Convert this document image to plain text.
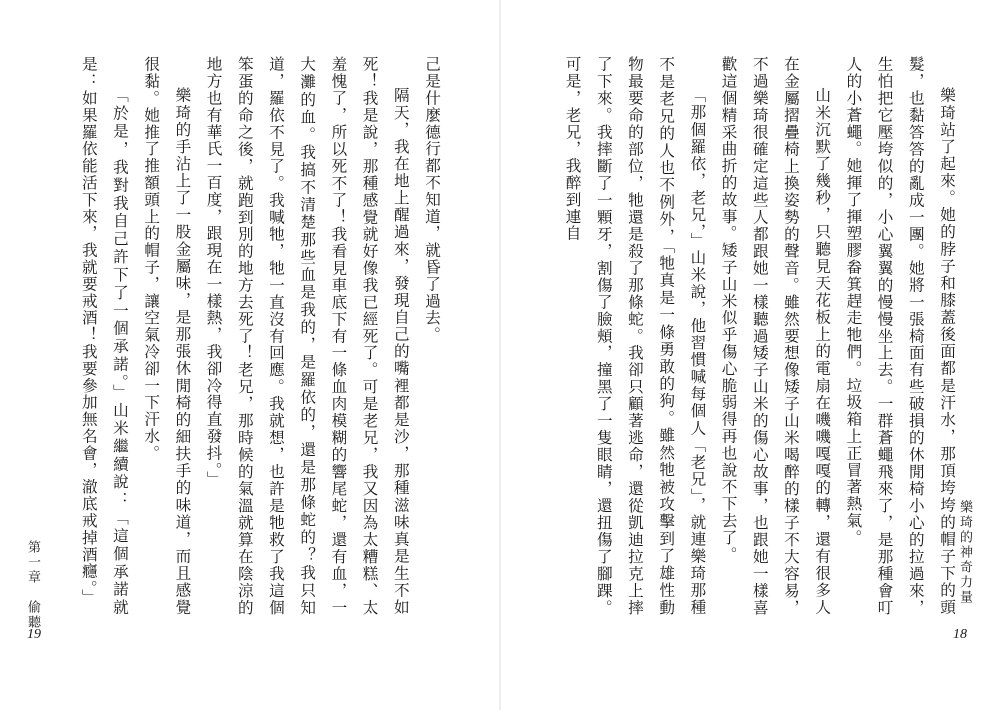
己是什麼德行都不知道，就昏了過去。

隔天，我在地上醒過來，發現自己的嘴裡都是沙，那種滋味真是生不如死！我是說，那種感覺就好像我已經死了。可是老兄，我又因為太糟糕、太羞愧了，所以死不了！我看見車底下有一條血肉模糊的響尾蛇，還有血，一大灘的血。我搞不清楚那些血是我的，是羅依的，還是那條蛇的？我只知道，羅依不見了。我喊牠，牠一直沒有回應。我就想，也許是牠救了我這個笨蛋的命之後，就跑到別的地方去死了！老兄，那時候的氣溫就算在陰涼的地方也有華氏一百度，跟現在一樣熱，我卻冷得直發抖。」

樂琦的手沾上了一股金屬味，是那張休閒椅的細扶手的味道，而且感覺很黏。她推了推額頭上的帽子，讓空氣冷卻一下汗水。

「於是，我對我自己許下了一個承諾。」山米繼續說：「這個承諾就是：如果羅依能活下來，我就要戒酒！我要參加無名會，澈底戒掉酒癮。」

第一章　偷聽
19

樂琦站了起來。她的脖子和膝蓋後面都是汗水，那頂垮垮的帽子下的頭髮，也黏答答的亂成一團。她將一張椅面有些破損的休閒椅小心的拉過來，生怕把它壓垮似的，小心翼翼的慢慢坐上去。一群蒼蠅飛來了，是那種會叮人的小蒼蠅。她揮了揮塑膠畚箕趕走牠們。垃圾箱上正冒著熱氣。

山米沉默了幾秒，只聽見天花板上的電扇在嘰嘰嘎嘎的轉，還有很多人在金屬摺疊椅上換姿勢的聲音。雖然要想像矮子山米喝醉的樣子不大容易，不過樂琦很確定這些人都跟她一樣聽過矮子山米的傷心故事，也跟她一樣喜歡這個精采曲折的故事。矮子山米似乎傷心脆弱得再也說不下去了。

「那個羅依，老兄，」山米說，他習慣喊每個人「老兄」，就連樂琦那種不是老兄的人也不例外，「牠真是一條勇敢的狗。雖然牠被攻擊到了雄性動物最要命的部位，牠還是殺了那條蛇。我卻只顧著逃命，還從凱迪拉克上摔了下來。我摔斷了一顆牙，割傷了臉頰，撞黑了一隻眼睛，還扭傷了腳踝。可是，老兄，我醉到連自

樂琦的神奇力量
18
